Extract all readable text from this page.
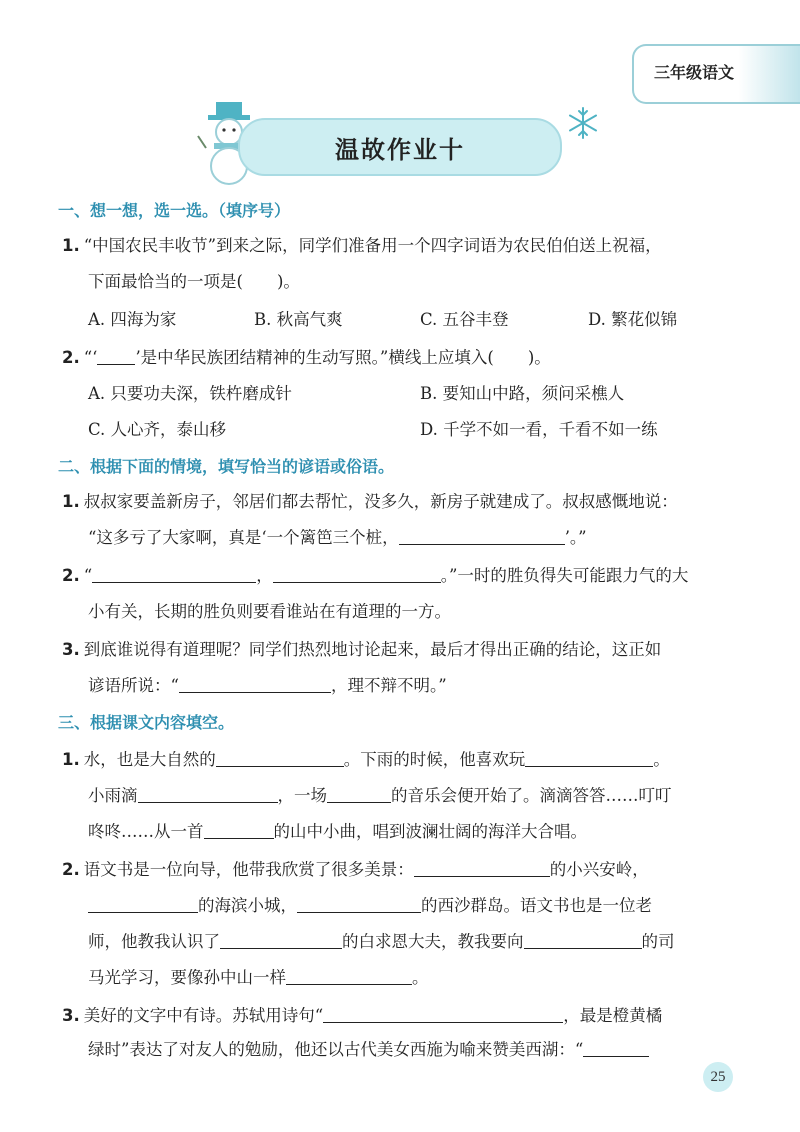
三年级语文
温故作业十
一、想一想，选一选。（填序号）
1. “中国农民丰收节”到来之际，同学们准备用一个四字词语为农民伯伯送上祝福，
下面最恰当的一项是( )。
A. 四海为家	B. 秋高气爽	C. 五谷丰登	D. 繁花似锦
2. “‘ ’是中华民族团结精神的生动写照。”横线上应填入( )。
A. 只要功夫深，铁杵磨成针	B. 要知山中路，须问采樵人
C. 人心齐，泰山移	D. 千学不如一看，千看不如一练
二、根据下面的情境，填写恰当的谚语或俗语。
1. 叔叔家要盖新房子，邻居们都去帮忙，没多久，新房子就建成了。叔叔感慨地说：
“这多亏了大家啊，真是‘一个篱笆三个桩，	’。”
2. “	，	。”一时的胜负得失可能跟力气的大
小有关，长期的胜负则要看谁站在有道理的一方。
3. 到底谁说得有道理呢？同学们热烈地讨论起来，最后才得出正确的结论，这正如
谚语所说：“	，理不辩不明。”
三、根据课文内容填空。
1. 水，也是大自然的	。下雨的时候，他喜欢玩	。
小雨滴	，一场	的音乐会便开始了。滴滴答答……叮叮
咚咚……从一首	的山中小曲，唱到波澜壮阔的海洋大合唱。
2. 语文书是一位向导，他带我欣赏了很多美景：	的小兴安岭，
的海滨小城，	的西沙群岛。语文书也是一位老
师，他教我认识了	的白求恩大夫，教我要向	的司
马光学习，要像孙中山一样	。
3. 美好的文字中有诗。苏轼用诗句“	，最是橙黄橘
绿时”表达了对友人的勉励，他还以古代美女西施为喻来赞美西湖：“
25
